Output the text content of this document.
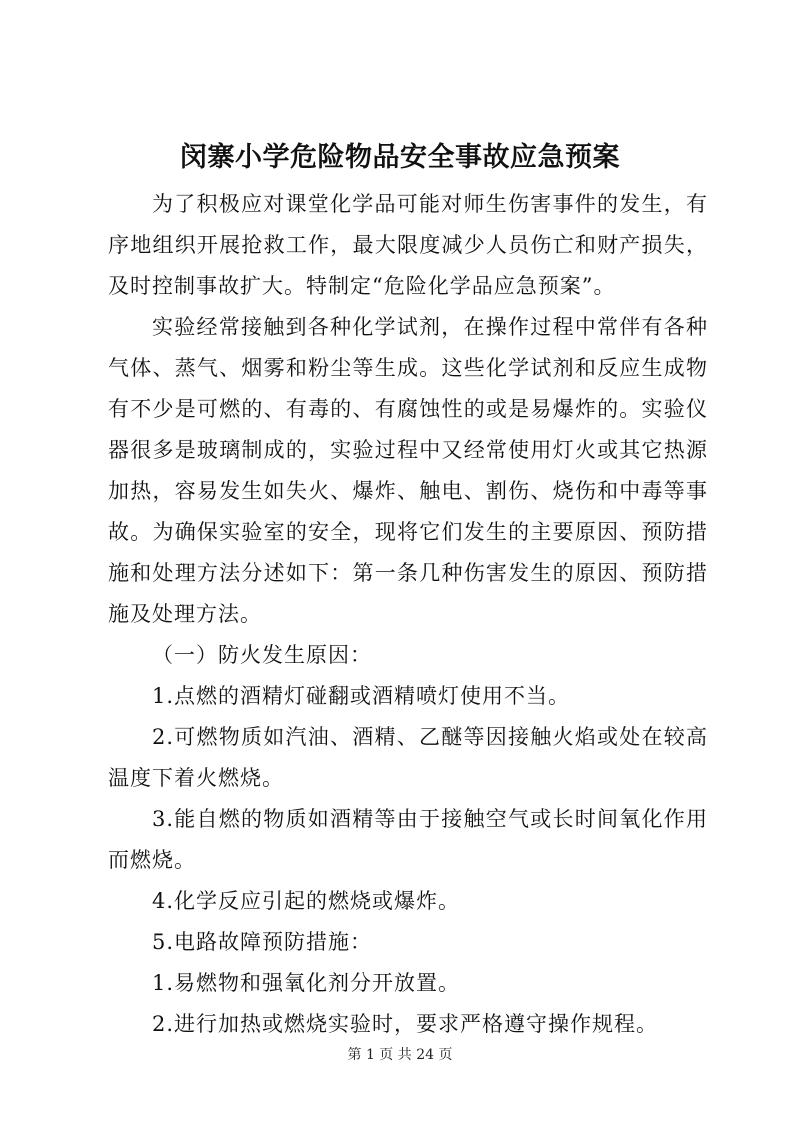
闵寨小学危险物品安全事故应急预案

为了积极应对课堂化学品可能对师生伤害事件的发生，有序地组织开展抢救工作，最大限度减少人员伤亡和财产损失，及时控制事故扩大。特制定“危险化学品应急预案”。

实验经常接触到各种化学试剂，在操作过程中常伴有各种气体、蒸气、烟雾和粉尘等生成。这些化学试剂和反应生成物有不少是可燃的、有毒的、有腐蚀性的或是易爆炸的。实验仪器很多是玻璃制成的，实验过程中又经常使用灯火或其它热源加热，容易发生如失火、爆炸、触电、割伤、烧伤和中毒等事故。为确保实验室的安全，现将它们发生的主要原因、预防措施和处理方法分述如下：第一条几种伤害发生的原因、预防措施及处理方法。

（一）防火发生原因：

1.点燃的酒精灯碰翻或酒精喷灯使用不当。

2.可燃物质如汽油、酒精、乙醚等因接触火焰或处在较高温度下着火燃烧。

3.能自燃的物质如酒精等由于接触空气或长时间氧化作用而燃烧。

4.化学反应引起的燃烧或爆炸。

5.电路故障预防措施：

1.易燃物和强氧化剂分开放置。

2.进行加热或燃烧实验时，要求严格遵守操作规程。

第 1 页 共 24 页
